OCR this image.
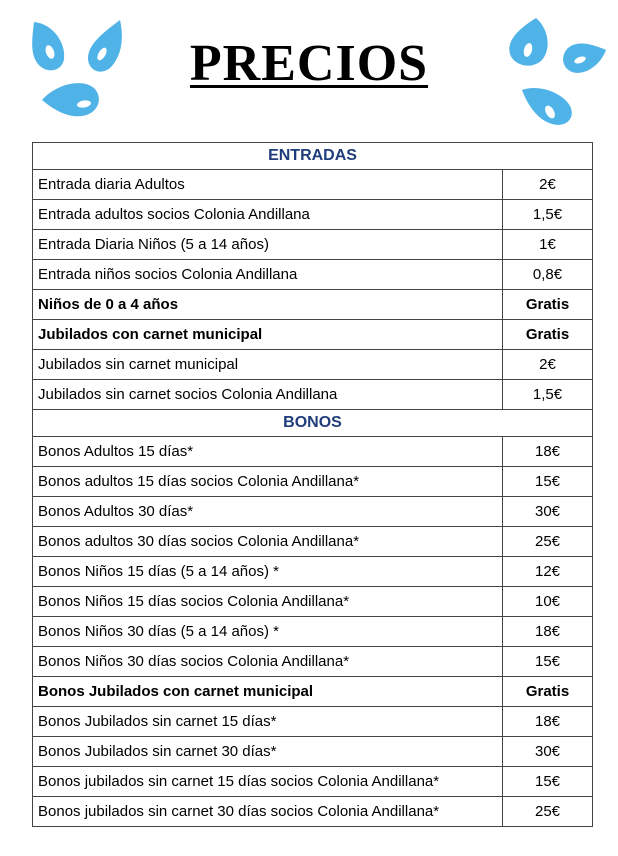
PRECIOS
ENTRADAS	
Entrada diaria Adultos	2€
Entrada adultos socios Colonia Andillana	1,5€
Entrada Diaria Niños (5 a 14 años)	1€
Entrada niños socios Colonia Andillana	0,8€
Niños de 0 a 4 años	Gratis
Jubilados con carnet municipal	Gratis
Jubilados sin carnet municipal	2€
Jubilados sin carnet socios Colonia Andillana	1,5€
BONOS	
Bonos Adultos 15 días*	18€
Bonos adultos 15 días socios Colonia Andillana*	15€
Bonos Adultos 30 días*	30€
Bonos adultos 30 días socios Colonia Andillana*	25€
Bonos Niños 15 días (5 a 14 años) *	12€
Bonos Niños 15 días socios Colonia Andillana*	10€
Bonos Niños 30 días (5 a 14 años) *	18€
Bonos Niños 30 días socios Colonia Andillana*	15€
Bonos Jubilados con carnet municipal	Gratis
Bonos Jubilados sin carnet 15 días*	18€
Bonos Jubilados sin carnet 30 días*	30€
Bonos jubilados sin carnet 15 días socios Colonia Andillana*	15€
Bonos jubilados sin carnet 30 días socios Colonia Andillana*	25€
